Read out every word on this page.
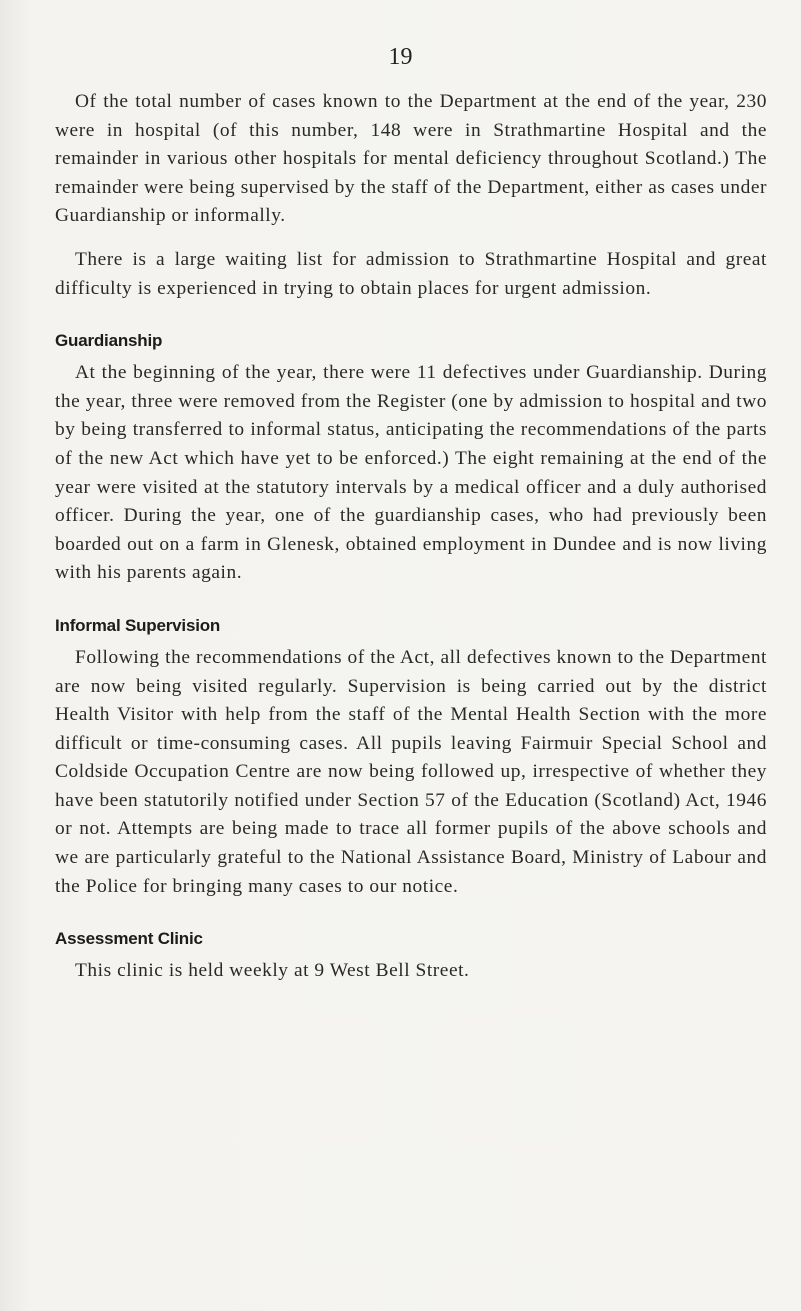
19

Of the total number of cases known to the Department at the end of the year, 230 were in hospital (of this number, 148 were in Strathmartine Hospital and the remainder in various other hospitals for mental deficiency throughout Scotland.) The remainder were being supervised by the staff of the Department, either as cases under Guardianship or informally.

There is a large waiting list for admission to Strathmartine Hospital and great difficulty is experienced in trying to obtain places for urgent admission.

Guardianship

At the beginning of the year, there were 11 defectives under Guardianship. During the year, three were removed from the Register (one by admission to hospital and two by being transferred to informal status, anticipating the recommendations of the parts of the new Act which have yet to be enforced.) The eight remaining at the end of the year were visited at the statutory intervals by a medical officer and a duly authorised officer. During the year, one of the guardianship cases, who had previously been boarded out on a farm in Glenesk, obtained employment in Dundee and is now living with his parents again.

Informal Supervision

Following the recommendations of the Act, all defectives known to the Department are now being visited regularly. Supervision is being carried out by the district Health Visitor with help from the staff of the Mental Health Section with the more difficult or time-consuming cases. All pupils leaving Fairmuir Special School and Coldside Occupation Centre are now being followed up, irrespective of whether they have been statutorily notified under Section 57 of the Education (Scotland) Act, 1946 or not. Attempts are being made to trace all former pupils of the above schools and we are particularly grateful to the National Assistance Board, Ministry of Labour and the Police for bringing many cases to our notice.

Assessment Clinic

This clinic is held weekly at 9 West Bell Street.
